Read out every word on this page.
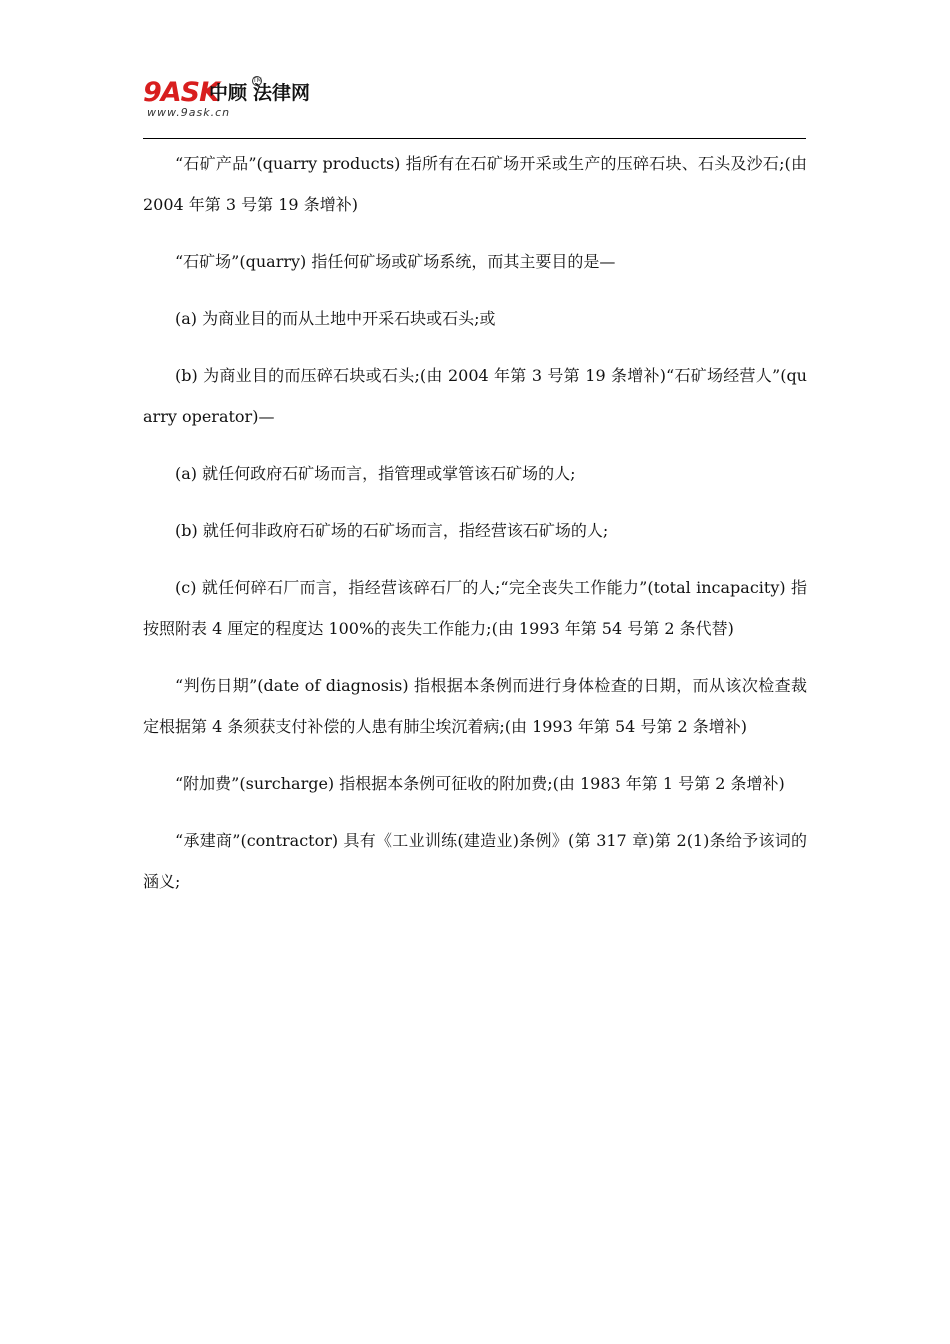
9ASK
中顾 法律网
TM
www.9ask.cn

“石矿产品”(quarry products) 指所有在石矿场开采或生产的压碎石块、石头及沙石;(由 2004 年第 3 号第 19 条增补)

“石矿场”(quarry) 指任何矿场或矿场系统，而其主要目的是—

(a) 为商业目的而从土地中开采石块或石头;或

(b) 为商业目的而压碎石块或石头;(由 2004 年第 3 号第 19 条增补)“石矿场经营人”(quarry operator)—

(a) 就任何政府石矿场而言，指管理或掌管该石矿场的人;

(b) 就任何非政府石矿场的石矿场而言，指经营该石矿场的人;

(c) 就任何碎石厂而言，指经营该碎石厂的人;“完全丧失工作能力”(total incapacity) 指按照附表 4 厘定的程度达 100%的丧失工作能力;(由 1993 年第 54 号第 2 条代替)

“判伤日期”(date of diagnosis) 指根据本条例而进行身体检查的日期，而从该次检查裁定根据第 4 条须获支付补偿的人患有肺尘埃沉着病;(由 1993 年第 54 号第 2 条增补)

“附加费”(surcharge) 指根据本条例可征收的附加费;(由 1983 年第 1 号第 2 条增补)

“承建商”(contractor) 具有《工业训练(建造业)条例》(第 317 章)第 2(1)条给予该词的涵义;
